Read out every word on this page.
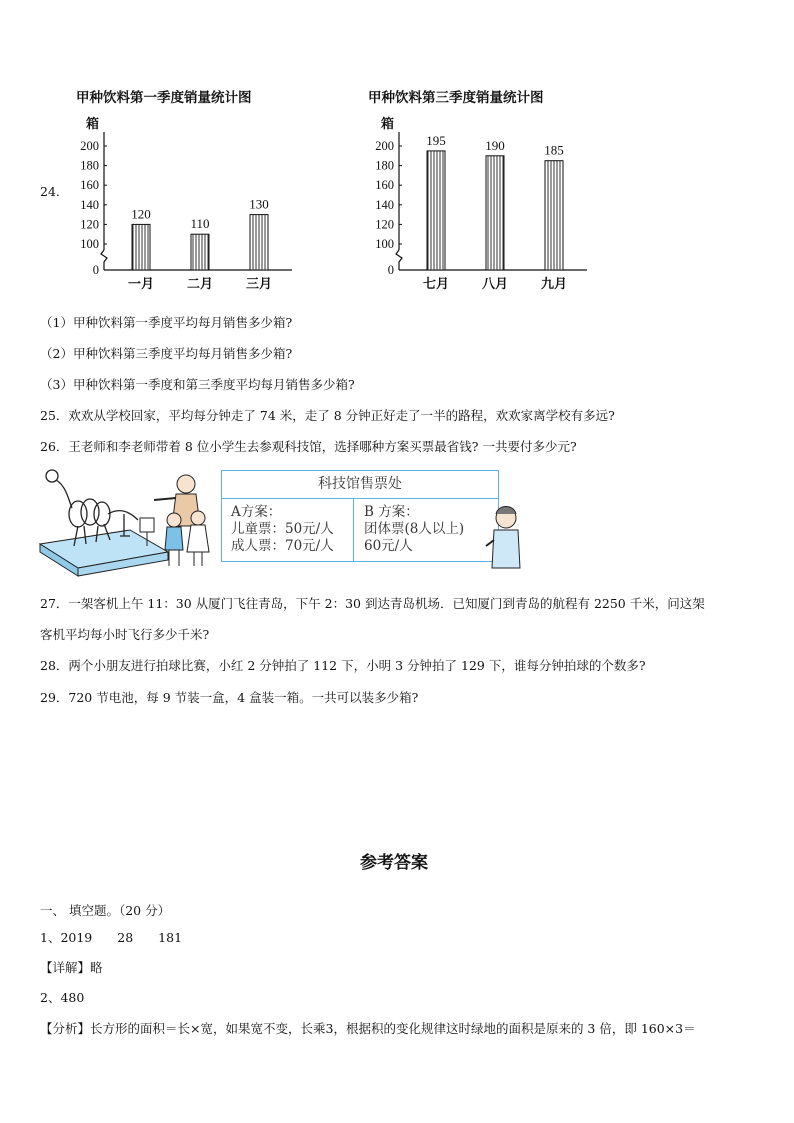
24.
甲种饮料第一季度销量统计图
箱
0
100
120
140
160
180
200
120
一月
110
二月
130
三月
甲种饮料第三季度销量统计图
箱
0
100
120
140
160
180
200 195
七月
190
八月
185
九月
（1）甲种饮料第一季度平均每月销售多少箱?
（2）甲种饮料第三季度平均每月销售多少箱?
（3）甲种饮料第一季度和第三季度平均每月销售多少箱?
25．欢欢从学校回家，平均每分钟走了 74 米，走了 8 分钟正好走了一半的路程，欢欢家离学校有多远?
26．王老师和李老师带着 8 位小学生去参观科技馆，选择哪种方案买票最省钱? 一共要付多少元?
科技馆售票处
A方案：
儿童票：50元/人
成人票：70元/人
B 方案：
团体票(8人以上)
60元/人
27．一架客机上午 11：30 从厦门飞往青岛，下午 2：30 到达青岛机场．已知厦门到青岛的航程有 2250 千米，问这架
客机平均每小时飞行多少千米?
28．两个小朋友进行拍球比赛，小红 2 分钟拍了 112 下，小明 3 分钟拍了 129 下，谁每分钟拍球的个数多?
29．720 节电池，每 9 节装一盒，4 盒装一箱。一共可以装多少箱?
参考答案
一、 填空题。（20 分）
1、2019　　28　　181
【详解】略
2、480
【分析】长方形的面积＝长×宽，如果宽不变，长乘3，根据积的变化规律这时绿地的面积是原来的 3 倍，即 160×3＝
